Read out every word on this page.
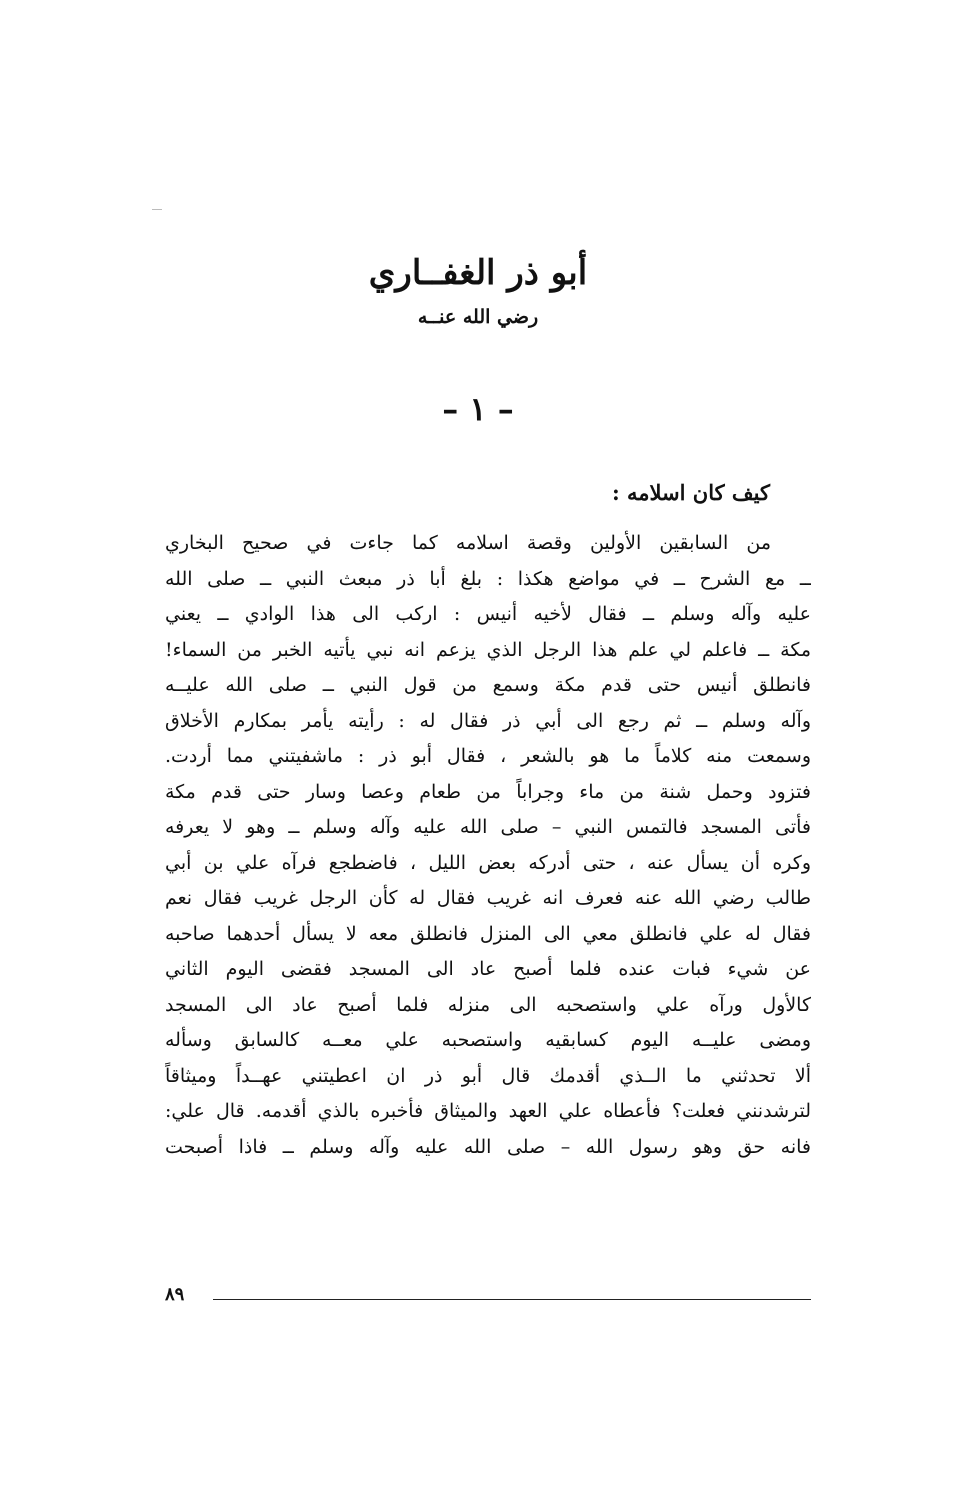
أبو ذر الغفــاري
رضي الله عنــه
– ١ –
كيف كان اسلامه :
من السابقين الأولين وقصة اسلامه كما جاءت في صحيح البخاري
ــ مع الشرح ــ في مواضع هكذا : بلغ أبا ذر مبعث النبي ــ صلى الله
عليه وآله وسلم ــ فقال لأخيه أنيس : اركب الى هذا الوادي ــ يعني
مكة ــ فاعلم لي علم هذا الرجل الذي يزعم انه نبي يأتيه الخبر من السماء!
فانطلق أنيس حتى قدم مكة وسمع من قول النبي ــ صلى الله عليــه
وآله وسلم ــ ثم رجع الى أبي ذر فقال له : رأيته يأمر بمكارم الأخلاق
وسمعت منه كلاماً ما هو بالشعر ، فقال أبو ذر : ماشفيتني مما أردت.
فتزود وحمل شنة من ماء وجراباً من طعام وعصا وسار حتى قدم مكة
فأتى المسجد فالتمس النبي – صلى الله عليه وآله وسلم ــ وهو لا يعرفه
وكره أن يسأل عنه ، حتى أدركه بعض الليل ، فاضطجع فرآه علي بن أبي
طالب رضي الله عنه فعرف انه غريب فقال له كأن الرجل غريب فقال نعم
فقال له علي فانطلق معي الى المنزل فانطلق معه لا يسأل أحدهما صاحبه
عن شيء فبات عنده فلما أصبح عاد الى المسجد فقضى اليوم الثاني
كالأول ورآه علي واستصحبه الى منزله فلما أصبح عاد الى المسجد
ومضى عليــه اليوم كسابقيه واستصحبه علي معــه كالسابق وسأله
ألا تحدثني ما الــذي أقدمك قال أبو ذر ان اعطيتني عهــداً وميثاقاً
لترشدنني فعلت؟ فأعطاه علي العهد والميثاق فأخبره بالذي أقدمه. قال علي:
فانه حق وهو رسول الله – صلى الله عليه وآله وسلم ــ فاذا أصبحت
٨٩
